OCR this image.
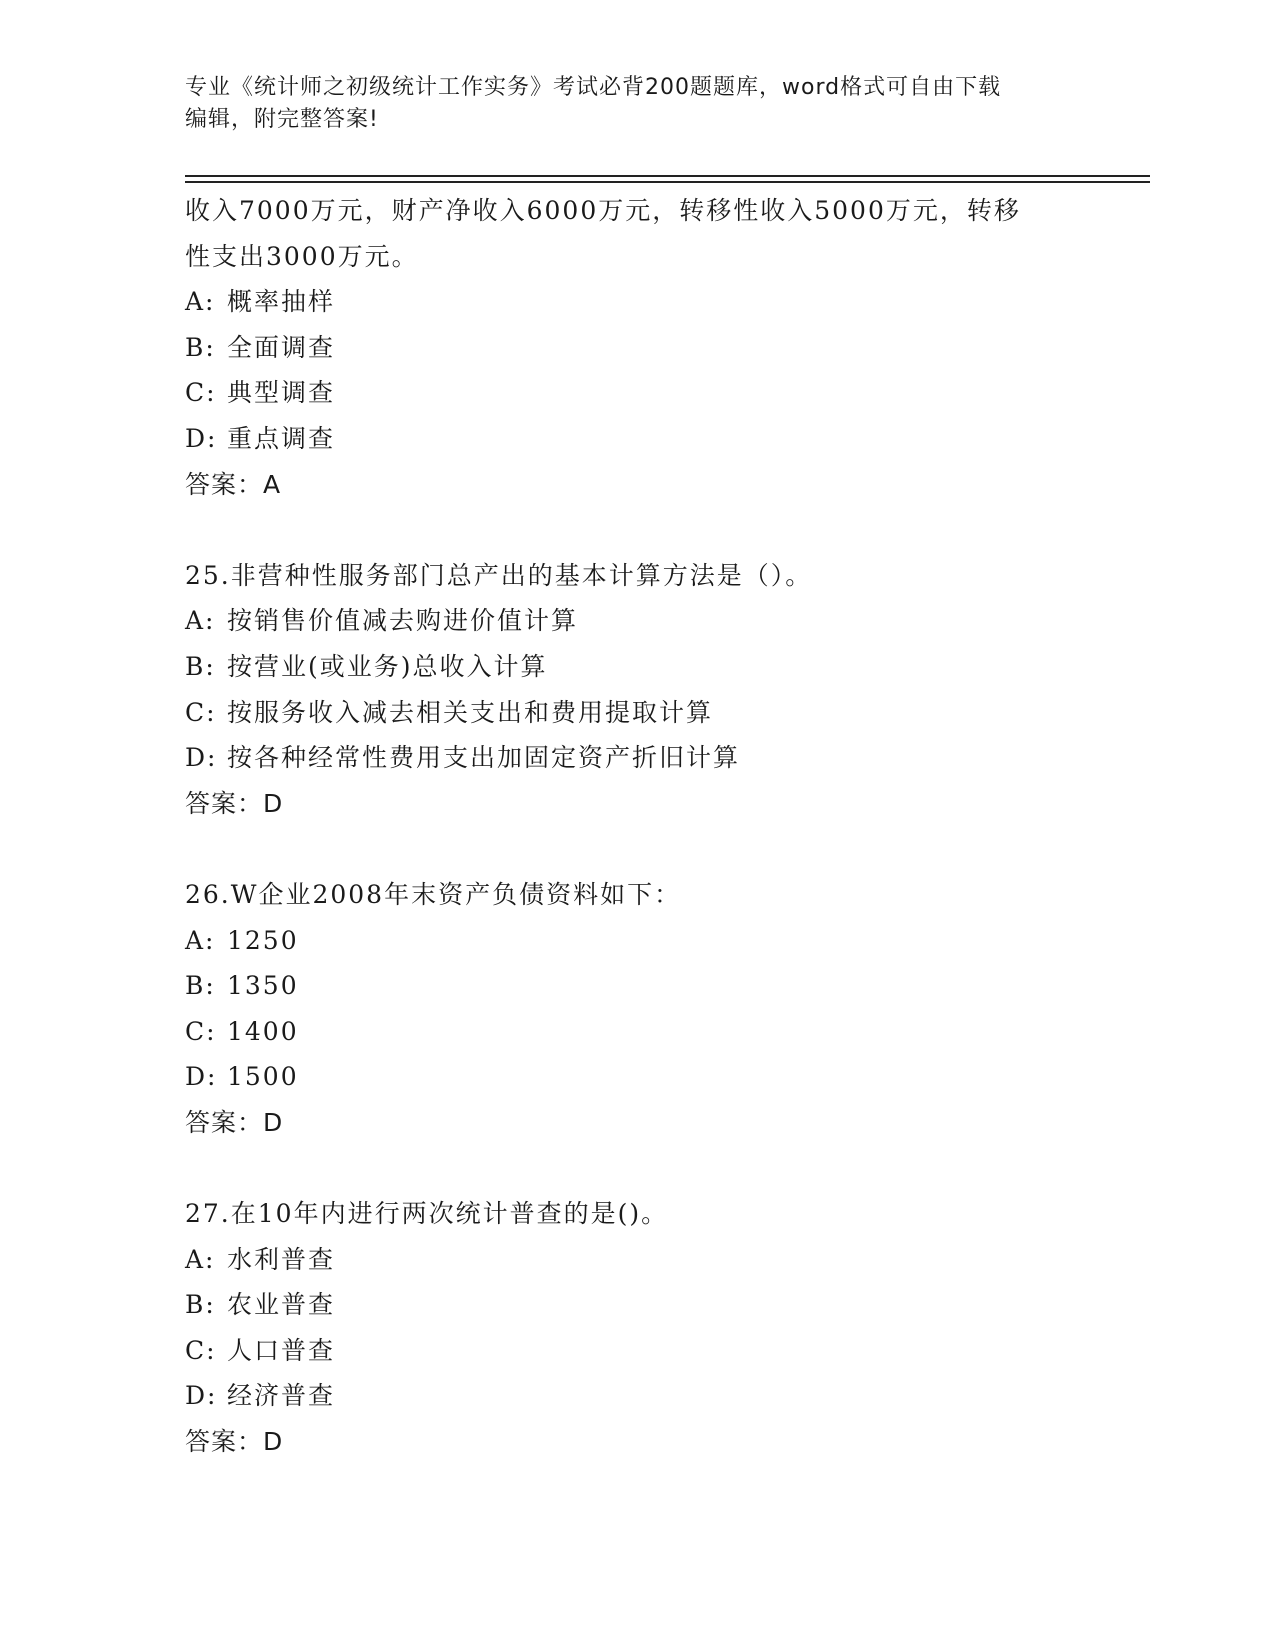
专业《统计师之初级统计工作实务》考试必背200题题库，word格式可自由下载
编辑，附完整答案!
收入7000万元，财产净收入6000万元，转移性收入5000万元，转移
性支出3000万元。
A: 概率抽样
B: 全面调查
C: 典型调查
D: 重点调查
答案：A
25.非营种性服务部门总产出的基本计算方法是（）。
A: 按销售价值减去购进价值计算
B: 按营业(或业务)总收入计算
C: 按服务收入减去相关支出和费用提取计算
D: 按各种经常性费用支出加固定资产折旧计算
答案：D
26.W企业2008年末资产负债资料如下：
A: 1250
B: 1350
C: 1400
D: 1500
答案：D
27.在10年内进行两次统计普查的是()。
A: 水利普查
B: 农业普查
C: 人口普查
D: 经济普查
答案：D
